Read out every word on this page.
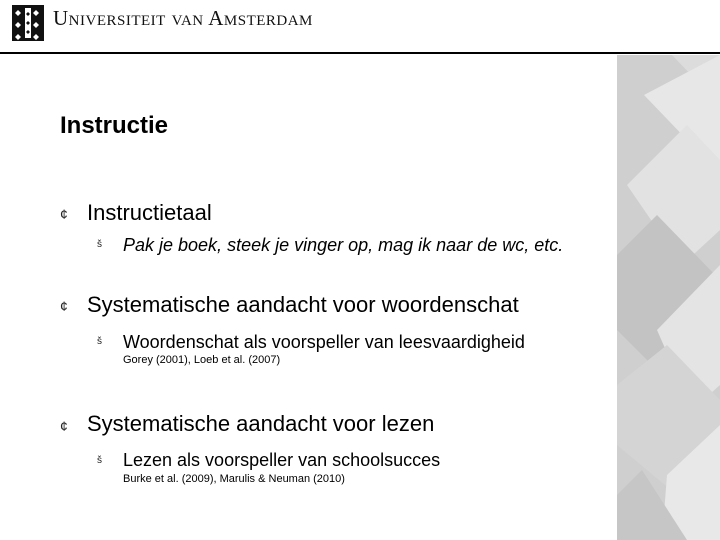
Universiteit van Amsterdam
Instructie
¢ Instructietaal
š Pak je boek, steek je vinger op, mag ik naar de wc, etc.
¢ Systematische aandacht voor woordenschat
š Woordenschat als voorspeller van leesvaardigheid
Gorey (2001), Loeb et al. (2007)
¢ Systematische aandacht voor lezen
š Lezen als voorspeller van schoolsucces
Burke et al. (2009), Marulis & Neuman (2010)
